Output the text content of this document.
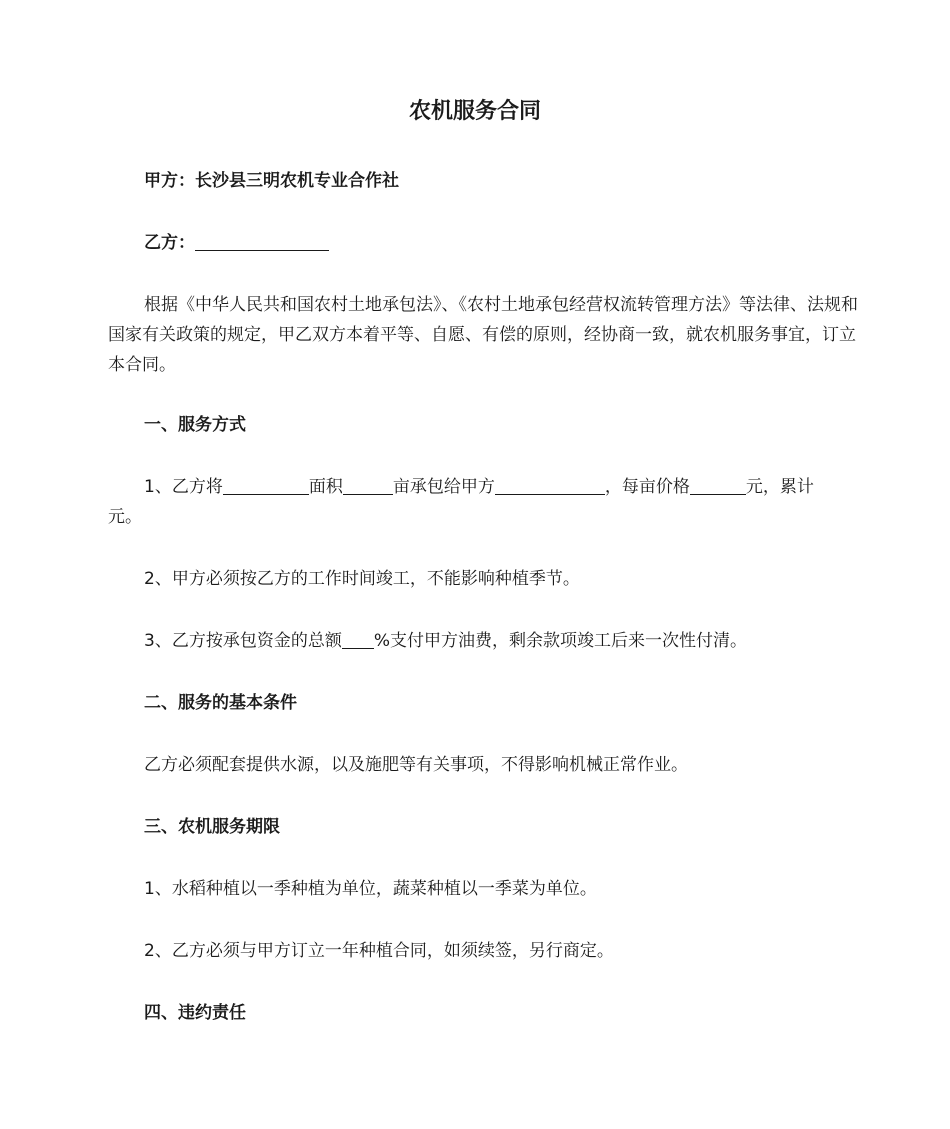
农机服务合同

甲方：长沙县三明农机专业合作社

乙方：

根据《中华人民共和国农村土地承包法》、《农村土地承包经营权流转管理方法》等法律、法规和国家有关政策的规定，甲乙双方本着平等、自愿、有偿的原则，经协商一致，就农机服务事宜，订立本合同。

一、服务方式

1、乙方将	面积	亩承包给甲方	，每亩价格	元，累计

元。

2、甲方必须按乙方的工作时间竣工，不能影响种植季节。

3、乙方按承包资金的总额 %支付甲方油费，剩余款项竣工后来一次性付清。

二、服务的基本条件

乙方必须配套提供水源，以及施肥等有关事项，不得影响机械正常作业。

三、农机服务期限

1、水稻种植以一季种植为单位，蔬菜种植以一季菜为单位。

2、乙方必须与甲方订立一年种植合同，如须续签，另行商定。

四、违约责任
